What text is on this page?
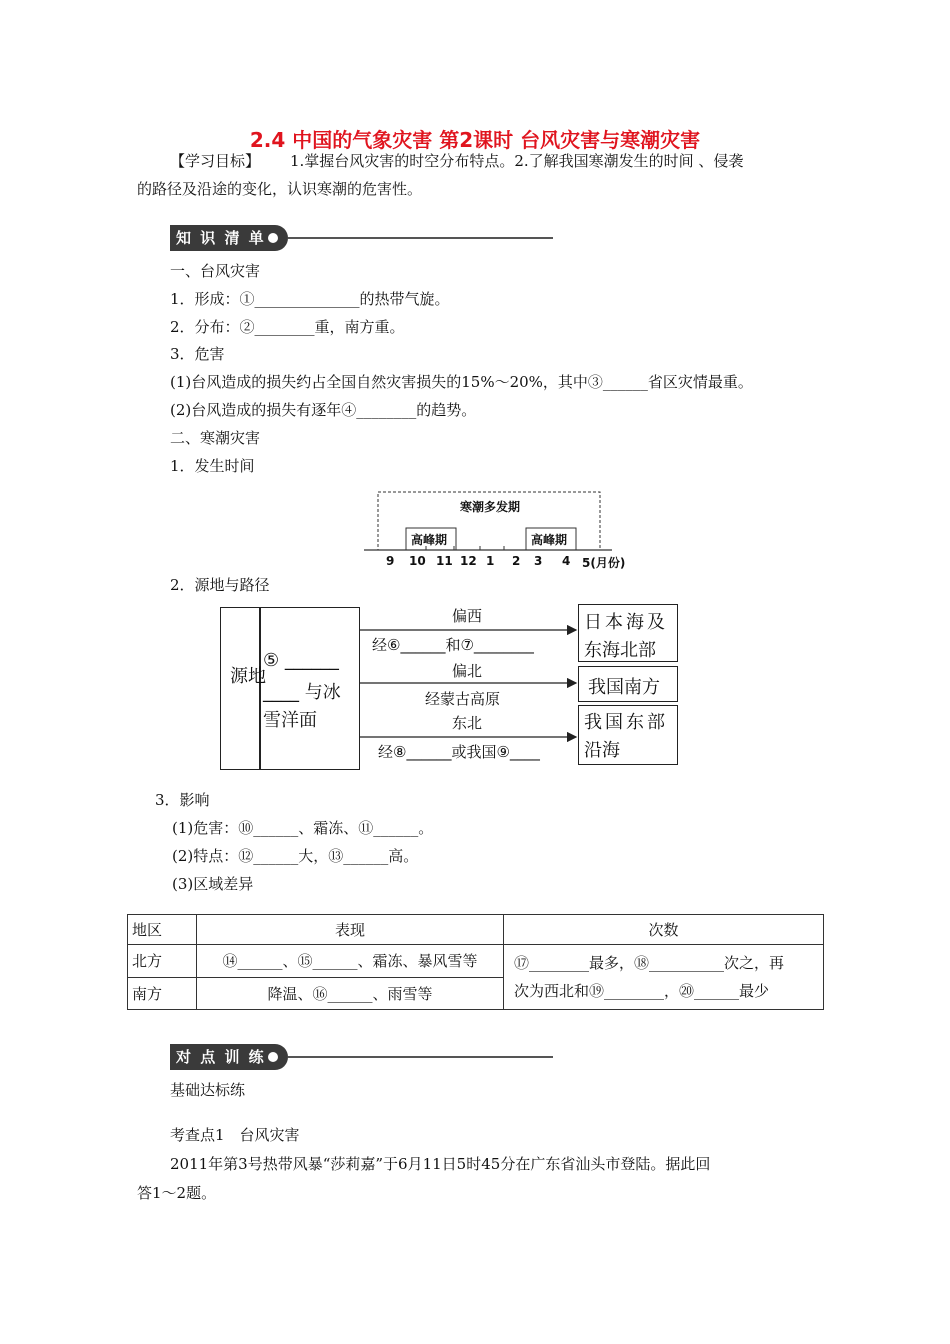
2.4 中国的气象灾害 第2课时 台风灾害与寒潮灾害
【学习目标】 1.掌握台风灾害的时空分布特点。2.了解我国寒潮发生的时间 、侵袭
的路径及沿途的变化，认识寒潮的危害性。
知 识 清 单
一、台风灾害
1．形成：①______________的热带气旋。
2．分布：②________重，南方重。
3．危害
(1)台风造成的损失约占全国自然灾害损失的15%～20%，其中③______省区灾情最重。
(2)台风造成的损失有逐年④________的趋势。
二、寒潮灾害
1．发生时间
寒潮多发期
高峰期	高峰期
9 10 11 12 1 2 3 4 5(月份)
2．源地与路径
源地
⑤ ______
____ 与冰
雪洋面
偏西
经⑥______和⑦________
偏北
经蒙古高原
东北
经⑧______或我国⑨____
日本海及
东海北部
我国南方
我国东部
沿海
3．影响
(1)危害：⑩______、霜冻、⑪______。
(2)特点：⑫______大，⑬______高。
(3)区域差异
地区	表现	次数
北方	⑭______、⑮______、霜冻、暴风雪等	⑰________最多，⑱__________次之，再
次为西北和⑲________，⑳______最少

南方	降温、⑯______、雨雪等	
对 点 训 练
基础达标练
考查点1　台风灾害
2011年第3号热带风暴“莎莉嘉”于6月11日5时45分在广东省汕头市登陆。据此回
答1～2题。
